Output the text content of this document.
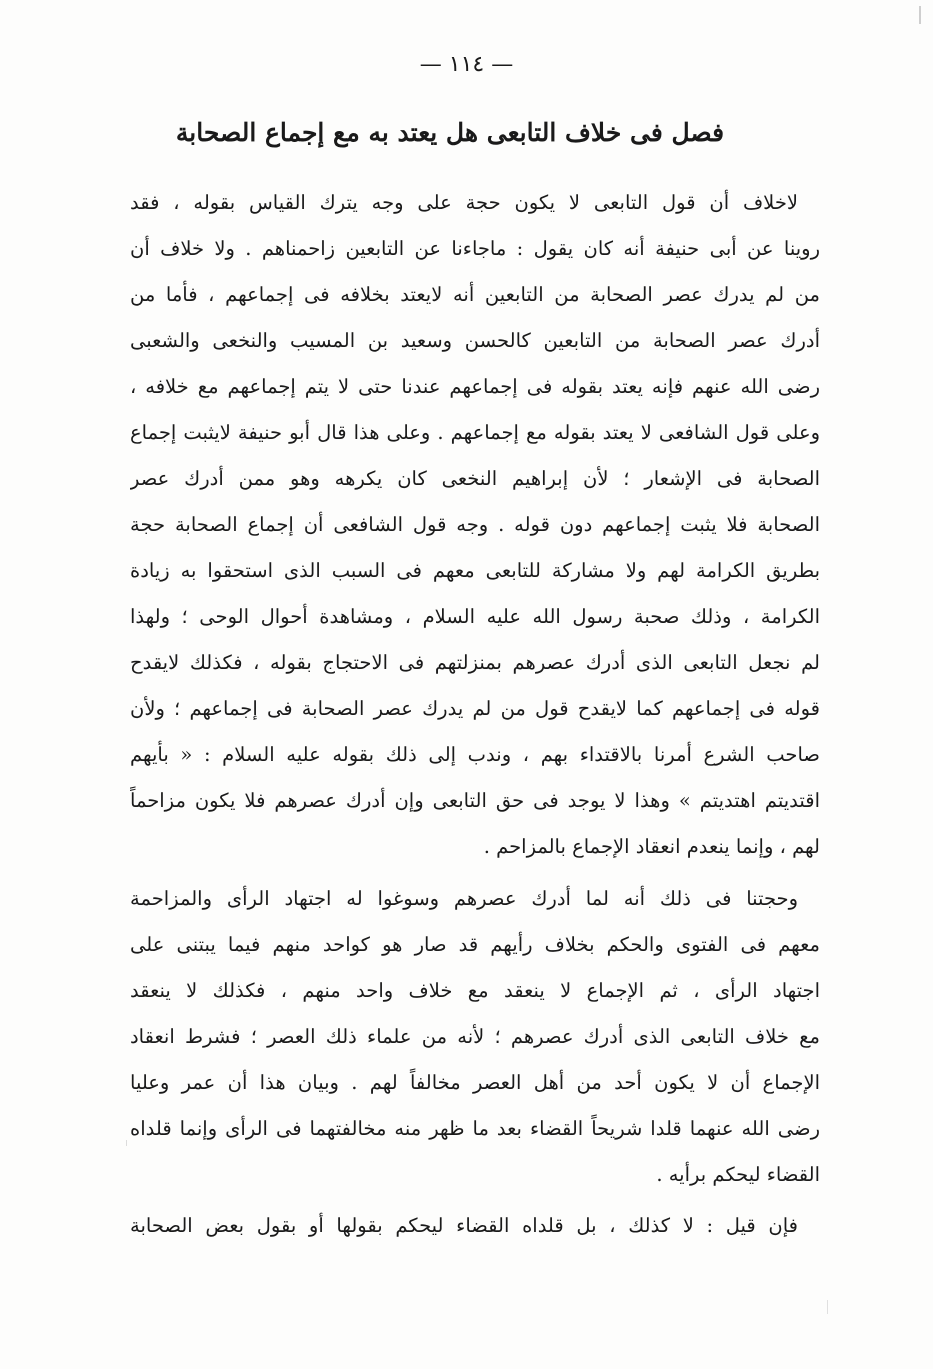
— ١١٤ —
فصل فى خلاف التابعى هل يعتد به مع إجماع الصحابة
لاخلاف أن قول التابعى لا يكون حجة على وجه يترك القياس بقوله ، فقد
روينا عن أبى حنيفة أنه كان يقول : ماجاءنا عن التابعين زاحمناهم . ولا خلاف أن
من لم يدرك عصر الصحابة من التابعين أنه لايعتد بخلافه فى إجماعهم ، فأما من
أدرك عصر الصحابة من التابعين كالحسن وسعيد بن المسيب والنخعى والشعبى
رضى الله عنهم فإنه يعتد بقوله فى إجماعهم عندنا حتى لا يتم إجماعهم مع خلافه ،
وعلى قول الشافعى لا يعتد بقوله مع إجماعهم . وعلى هذا قال أبو حنيفة لايثبت إجماع
الصحابة فى الإشعار ؛ لأن إبراهيم النخعى كان يكرهه وهو ممن أدرك عصر
الصحابة فلا يثبت إجماعهم دون قوله . وجه قول الشافعى أن إجماع الصحابة حجة
بطريق الكرامة لهم ولا مشاركة للتابعى معهم فى السبب الذى استحقوا به زيادة
الكرامة ، وذلك صحبة رسول الله عليه السلام ، ومشاهدة أحوال الوحى ؛ ولهذا
لم نجعل التابعى الذى أدرك عصرهم بمنزلتهم فى الاحتجاج بقوله ، فكذلك لايقدح
قوله فى إجماعهم كما لايقدح قول من لم يدرك عصر الصحابة فى إجماعهم ؛ ولأن
صاحب الشرع أمرنا بالاقتداء بهم ، وندب إلى ذلك بقوله عليه السلام : « بأيهم
اقتديتم اهتديتم » وهذا لا يوجد فى حق التابعى وإن أدرك عصرهم فلا يكون مزاحماً
لهم ، وإنما ينعدم انعقاد الإجماع بالمزاحم .
وحجتنا فى ذلك أنه لما أدرك عصرهم وسوغوا له اجتهاد الرأى والمزاحمة
معهم فى الفتوى والحكم بخلاف رأيهم قد صار هو كواحد منهم فيما يبتنى على
اجتهاد الرأى ، ثم الإجماع لا ينعقد مع خلاف واحد منهم ، فكذلك لا ينعقد
مع خلاف التابعى الذى أدرك عصرهم ؛ لأنه من علماء ذلك العصر ؛ فشرط انعقاد
الإجماع أن لا يكون أحد من أهل العصر مخالفاً لهم . وبيان هذا أن عمر وعليا
رضى الله عنهما قلدا شريحاً القضاء بعد ما ظهر منه مخالفتهما فى الرأى وإنما قلداه
القضاء ليحكم برأيه .
فإن قيل : لا كذلك ، بل قلداه القضاء ليحكم بقولها أو بقول بعض الصحابة
